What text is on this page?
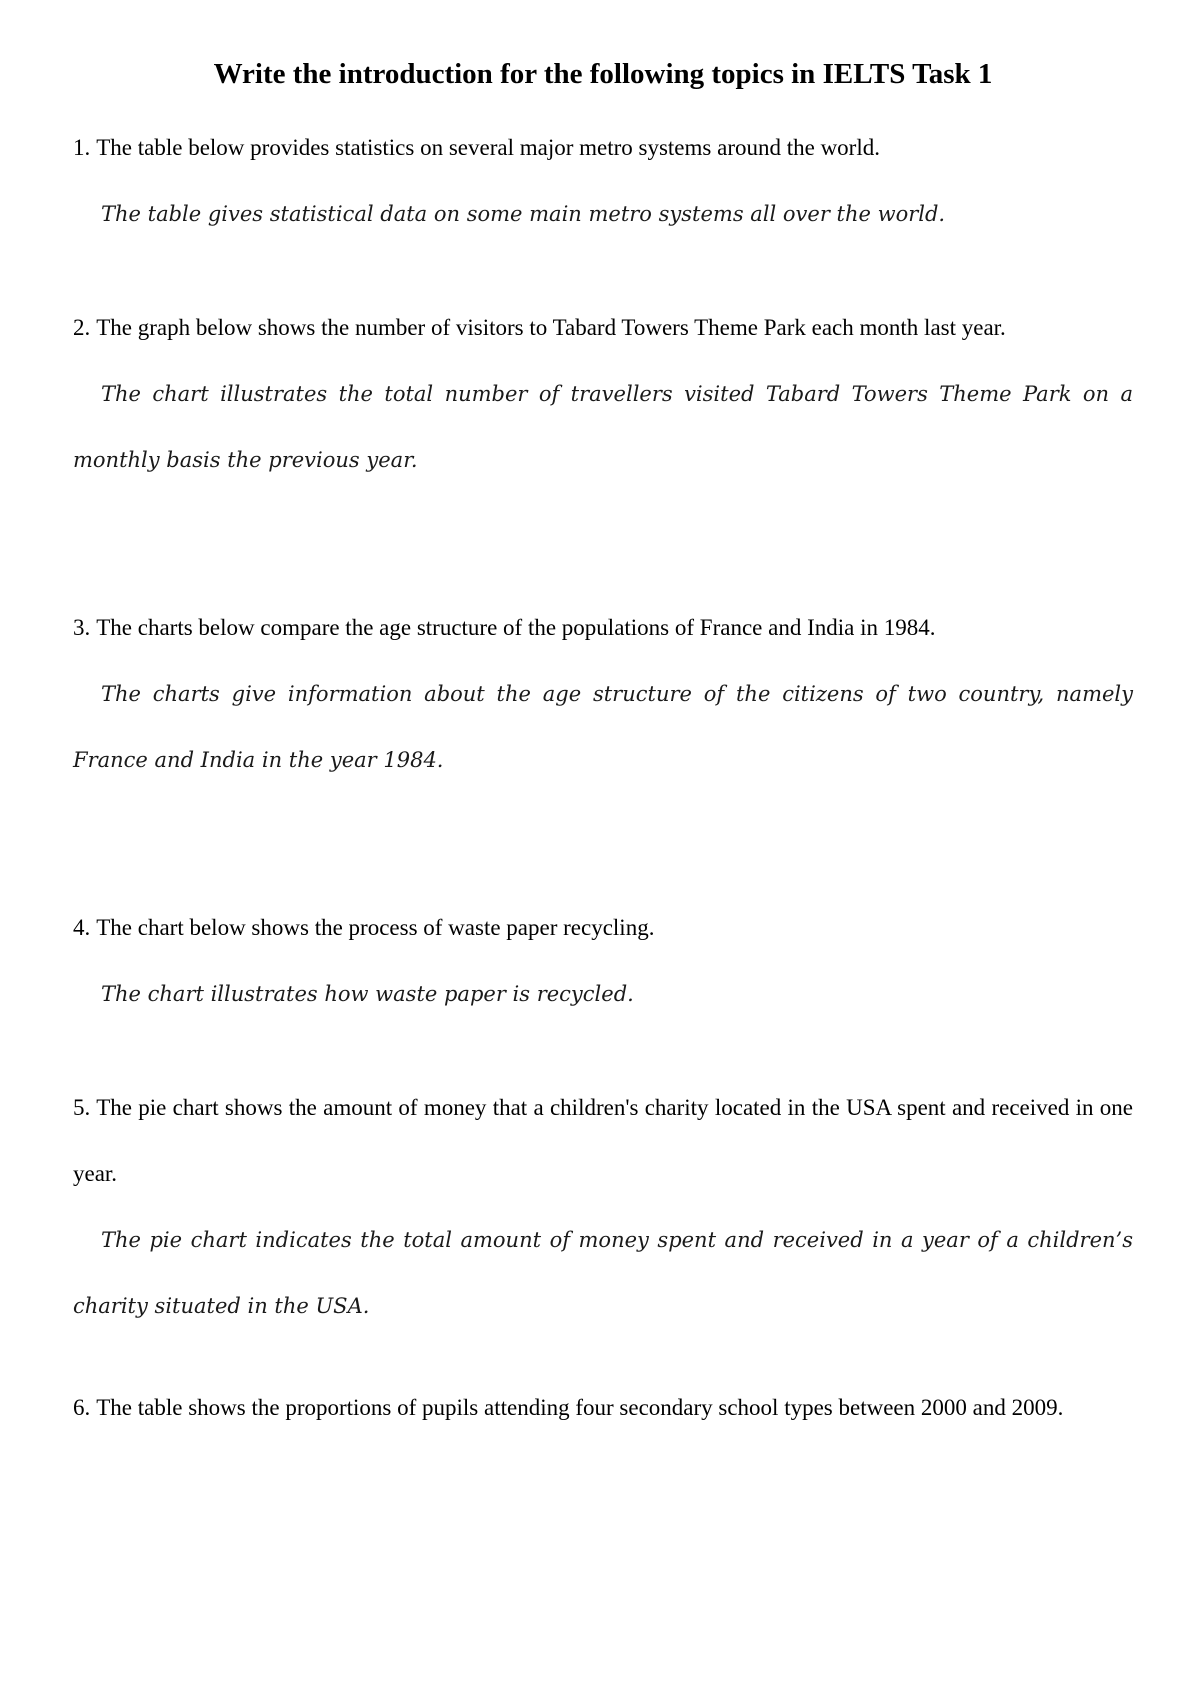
Write the introduction for the following topics in IELTS Task 1

1. The table below provides statistics on several major metro systems around the world.

The table gives statistical data on some main metro systems all over the world.

2. The graph below shows the number of visitors to Tabard Towers Theme Park each month last year.

The chart illustrates the total number of travellers visited Tabard Towers Theme Park on a monthly basis the previous year.

3. The charts below compare the age structure of the populations of France and India in 1984.

The charts give information about the age structure of the citizens of two country, namely France and India in the year 1984.

4. The chart below shows the process of waste paper recycling.

The chart illustrates how waste paper is recycled.

5. The pie chart shows the amount of money that a children's charity located in the USA spent and received in one year.

The pie chart indicates the total amount of money spent and received in a year of a children’s charity situated in the USA.

6. The table shows the proportions of pupils attending four secondary school types between 2000 and 2009.
